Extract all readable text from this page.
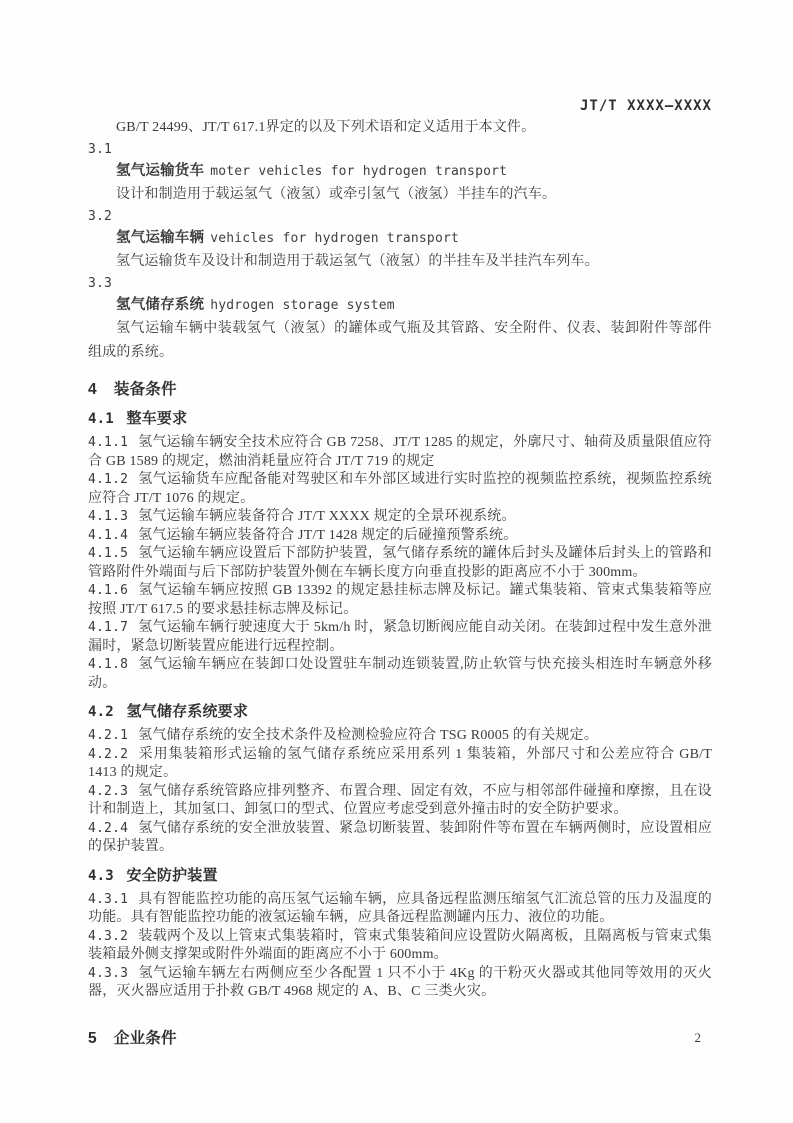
JT/T XXXX—XXXX

GB/T 24499、JT/T 617.1界定的以及下列术语和定义适用于本文件。

3.1

氢气运输货车 moter vehicles for hydrogen transport

设计和制造用于载运氢气（液氢）或牵引氢气（液氢）半挂车的汽车。

3.2

氢气运输车辆 vehicles for hydrogen transport

氢气运输货车及设计和制造用于载运氢气（液氢）的半挂车及半挂汽车列车。

3.3

氢气储存系统 hydrogen storage system

氢气运输车辆中装载氢气（液氢）的罐体或气瓶及其管路、安全附件、仪表、装卸附件等部件组成的系统。

4 装备条件
4.1 整车要求

4.1.1 氢气运输车辆安全技术应符合 GB 7258、JT/T 1285 的规定，外廓尺寸、轴荷及质量限值应符合 GB 1589 的规定，燃油消耗量应符合 JT/T 719 的规定

4.1.2 氢气运输货车应配备能对驾驶区和车外部区域进行实时监控的视频监控系统，视频监控系统应符合 JT/T 1076 的规定。

4.1.3 氢气运输车辆应装备符合 JT/T XXXX 规定的全景环视系统。

4.1.4 氢气运输车辆应装备符合 JT/T 1428 规定的后碰撞预警系统。

4.1.5 氢气运输车辆应设置后下部防护装置，氢气储存系统的罐体后封头及罐体后封头上的管路和管路附件外端面与后下部防护装置外侧在车辆长度方向垂直投影的距离应不小于 300mm。

4.1.6 氢气运输车辆应按照 GB 13392 的规定悬挂标志牌及标记。罐式集装箱、管束式集装箱等应按照 JT/T 617.5 的要求悬挂标志牌及标记。

4.1.7 氢气运输车辆行驶速度大于 5km/h 时，紧急切断阀应能自动关闭。在装卸过程中发生意外泄漏时，紧急切断装置应能进行远程控制。

4.1.8 氢气运输车辆应在装卸口处设置驻车制动连锁装置,防止软管与快充接头相连时车辆意外移动。

4.2 氢气储存系统要求

4.2.1 氢气储存系统的安全技术条件及检测检验应符合 TSG R0005 的有关规定。

4.2.2 采用集装箱形式运输的氢气储存系统应采用系列 1 集装箱，外部尺寸和公差应符合 GB/T 1413 的规定。

4.2.3 氢气储存系统管路应排列整齐、布置合理、固定有效，不应与相邻部件碰撞和摩擦，且在设计和制造上，其加氢口、卸氢口的型式、位置应考虑受到意外撞击时的安全防护要求。

4.2.4 氢气储存系统的安全泄放装置、紧急切断装置、装卸附件等布置在车辆两侧时，应设置相应的保护装置。

4.3 安全防护装置

4.3.1 具有智能监控功能的高压氢气运输车辆，应具备远程监测压缩氢气汇流总管的压力及温度的功能。具有智能监控功能的液氢运输车辆，应具备远程监测罐内压力、液位的功能。

4.3.2 装载两个及以上管束式集装箱时，管束式集装箱间应设置防火隔离板，且隔离板与管束式集装箱最外侧支撑架或附件外端面的距离应不小于 600mm。

4.3.3 氢气运输车辆左右两侧应至少各配置 1 只不小于 4Kg 的干粉灭火器或其他同等效用的灭火器，灭火器应适用于扑救 GB/T 4968 规定的 A、B、C 三类火灾。

5 企业条件	2
